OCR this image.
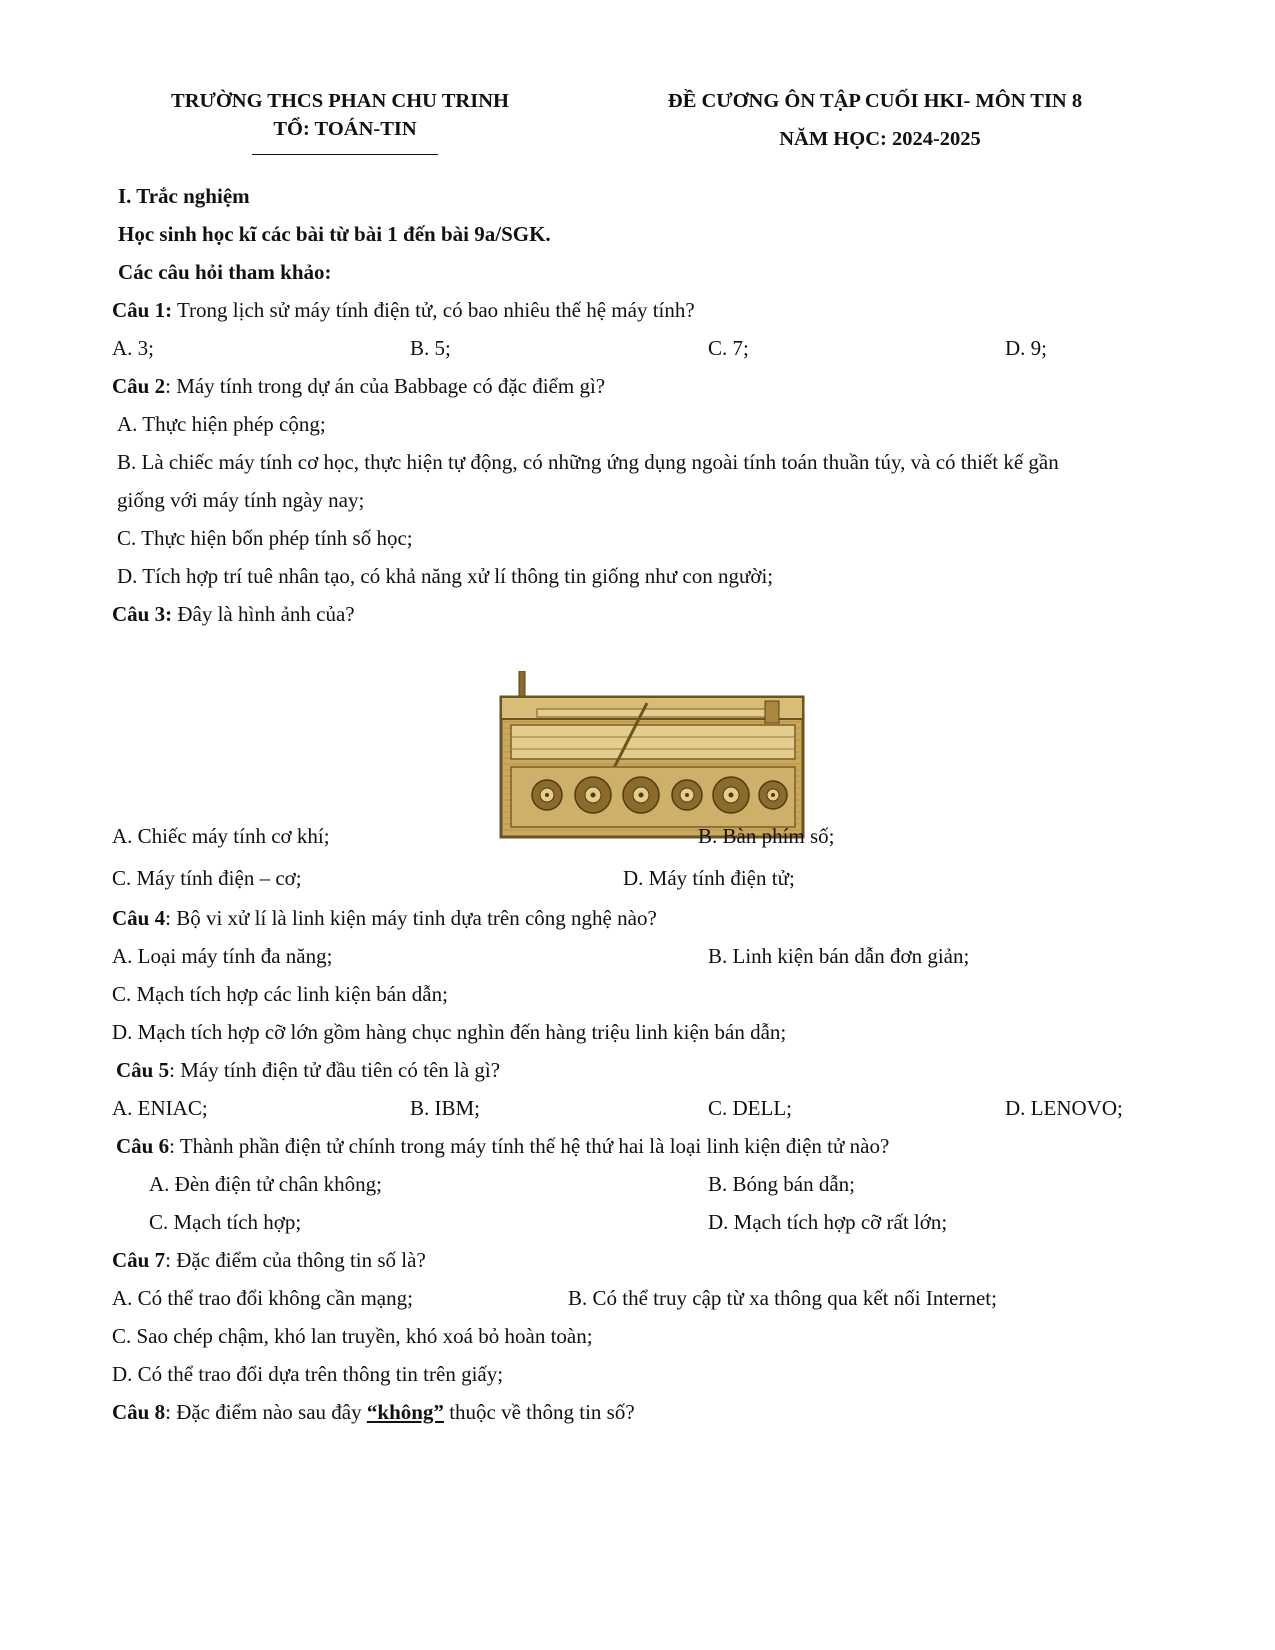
TRƯỜNG THCS PHAN CHU TRINH
TỔ: TOÁN-TIN
ĐỀ CƯƠNG ÔN TẬP CUỐI HKI- MÔN TIN 8
NĂM HỌC: 2024-2025
I. Trắc nghiệm
Học sinh học kĩ các bài từ bài 1 đến bài 9a/SGK.
Các câu hỏi tham khảo:
Câu 1: Trong lịch sử máy tính điện tử, có bao nhiêu thế hệ máy tính?
A. 3;	B. 5;	C. 7;	D. 9;
Câu 2: Máy tính trong dự án của Babbage có đặc điểm gì?
A. Thực hiện phép cộng;
B. Là chiếc máy tính cơ học, thực hiện tự động, có những ứng dụng ngoài tính toán thuần túy, và có thiết kế gần
giống với máy tính ngày nay;
C. Thực hiện bốn phép tính số học;
D. Tích hợp trí tuê nhân tạo, có khả năng xử lí thông tin giống như con người;
Câu 3: Đây là hình ảnh của?
A. Chiếc máy tính cơ khí;	B. Bàn phím số;
C. Máy tính điện – cơ;	D. Máy tính điện tử;
Câu 4: Bộ vi xử lí là linh kiện máy tinh dựa trên công nghệ nào?
A. Loại máy tính đa năng;	B. Linh kiện bán dẫn đơn giản;
C. Mạch tích hợp các linh kiện bán dẫn;
D. Mạch tích hợp cỡ lớn gồm hàng chục nghìn đến hàng triệu linh kiện bán dẫn;
Câu 5: Máy tính điện tử đầu tiên có tên là gì?
A. ENIAC;	B. IBM;	C. DELL;	D. LENOVO;
Câu 6: Thành phần điện tử chính trong máy tính thế hệ thứ hai là loại linh kiện điện tử nào?
A. Đèn điện tử chân không;	B. Bóng bán dẫn;
C. Mạch tích hợp;	D. Mạch tích hợp cỡ rất lớn;
Câu 7: Đặc điểm của thông tin số là?
A. Có thể trao đổi không cần mạng;	B. Có thể truy cập từ xa thông qua kết nối Internet;
C. Sao chép chậm, khó lan truyền, khó xoá bỏ hoàn toàn;
D. Có thể trao đổi dựa trên thông tin trên giấy;
Câu 8: Đặc điểm nào sau đây “không” thuộc về thông tin số?
